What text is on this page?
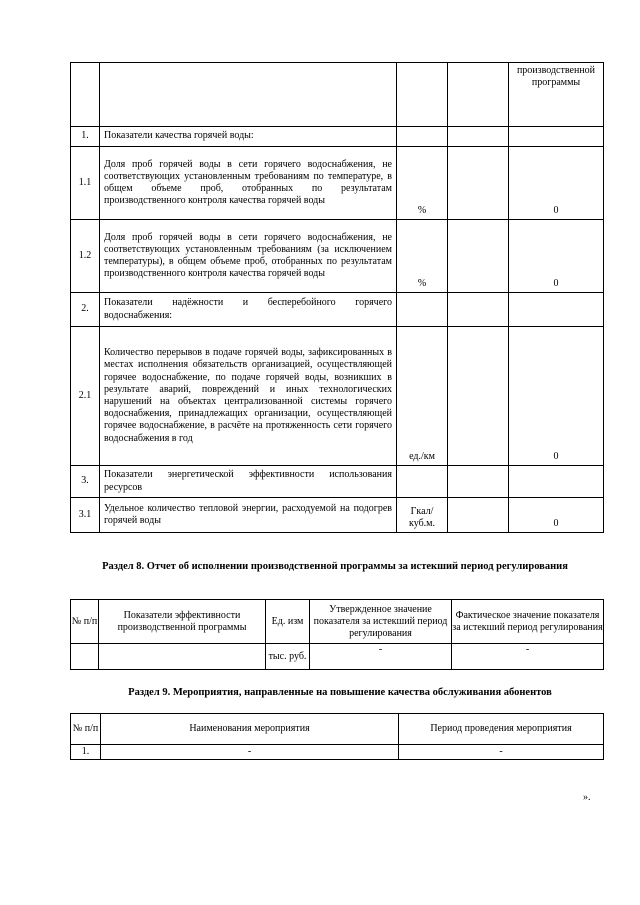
				производственной программы
1.	Показатели качества горячей воды:			
1.1	Доля проб горячей воды в сети горячего водоснабжения, не соответствующих установленным требованиям по температуре, в общем объеме проб, отобранных по результатам производственного контроля качества горячей воды	%		0
1.2	Доля проб горячей воды в сети горячего водоснабжения, не соответствующих установленным требованиям (за исключением температуры), в общем объеме проб, отобранных по результатам производственного контроля качества горячей воды	%		0
2.	Показатели надёжности и бесперебойного горячего водоснабжения:			
2.1	Количество перерывов в подаче горячей воды, зафиксированных в местах исполнения обязательств организацией, осуществляющей горячее водоснабжение, по подаче горячей воды, возникших в результате аварий, повреждений и иных технологических нарушений на объектах централизованной системы горячего водоснабжения, принадлежащих организации, осуществляющей горячее водоснабжение, в расчёте на протяженность сети горячего водоснабжения в год	ед./км		0
3.	Показатели энергетической эффективности использования ресурсов			
3.1	Удельное количество тепловой энергии, расходуемой на подогрев горячей воды	Гкал/ куб.м.		0
Раздел 8. Отчет об исполнении производственной программы за истекший период регулирования
№ п/п	Показатели эффективности производственной программы	Ед. изм	Утвержденное значение показателя за истекший период регулирования	Фактическое значение показателя за истекший период регулирования
		тыс. руб.	-	-
Раздел 9. Мероприятия, направленные на повышение качества обслуживания абонентов
№ п/п	Наименования мероприятия	Период проведения мероприятия
1.	-	-
».
